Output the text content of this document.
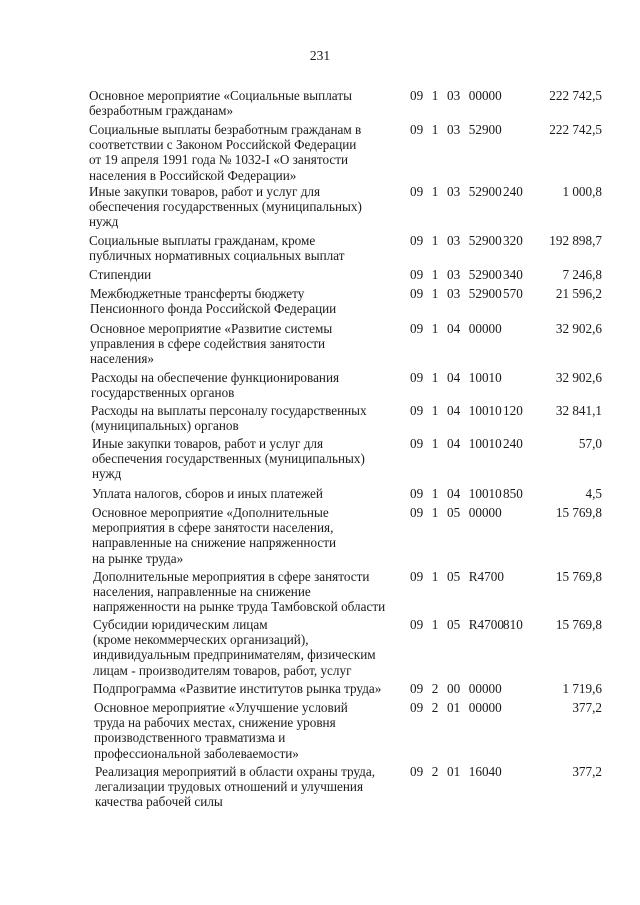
231
Основное мероприятие «Социальные выплаты
безработным гражданам»
09  1  03  00000	222 742,5
Социальные выплаты безработным гражданам в
соответствии с Законом Российской Федерации
от 19 апреля 1991 года № 1032-I «О занятости
населения в Российской Федерации»
09  1  03  52900	222 742,5
Иные закупки товаров, работ и услуг для
обеспечения государственных (муниципальных)
нужд
09  1  03  52900 240	1 000,8
Социальные выплаты гражданам, кроме
публичных нормативных социальных выплат
09  1  03  52900 320	192 898,7
Стипендии	09  1  03  52900 340	7 246,8
Межбюджетные трансферты бюджету
Пенсионного фонда Российской Федерации
09  1  03  52900 570	21 596,2
Основное мероприятие «Развитие системы
управления в сфере содействия занятости
населения»
09  1  04  00000	32 902,6
Расходы на обеспечение функционирования
государственных органов
09  1  04  10010	32 902,6
Расходы на выплаты персоналу государственных
(муниципальных) органов
09  1  04  10010 120	32 841,1
Иные закупки товаров, работ и услуг для
обеспечения государственных (муниципальных)
нужд
09  1  04  10010 240	57,0
Уплата налогов, сборов и иных платежей	09  1  04  10010 850	4,5
Основное мероприятие «Дополнительные
мероприятия в сфере занятости населения,
направленные на снижение напряженности
на рынке труда»
09  1  05  00000	15 769,8
Дополнительные мероприятия в сфере занятости
населения, направленные на снижение
напряженности на рынке труда Тамбовской области
09  1  05  R4700	15 769,8
Субсидии юридическим лицам
(кроме некоммерческих организаций),
индивидуальным предпринимателям, физическим
лицам - производителям товаров, работ, услуг
09  1  05  R4700 810	15 769,8
Подпрограмма «Развитие институтов рынка труда»	09  2  00  00000	1 719,6
Основное мероприятие «Улучшение условий
труда на рабочих местах, снижение уровня
производственного травматизма и
профессиональной заболеваемости»
09  2  01  00000	377,2
Реализация мероприятий в области охраны труда,
легализации трудовых отношений и улучшения
качества рабочей силы
09  2  01  16040	377,2
